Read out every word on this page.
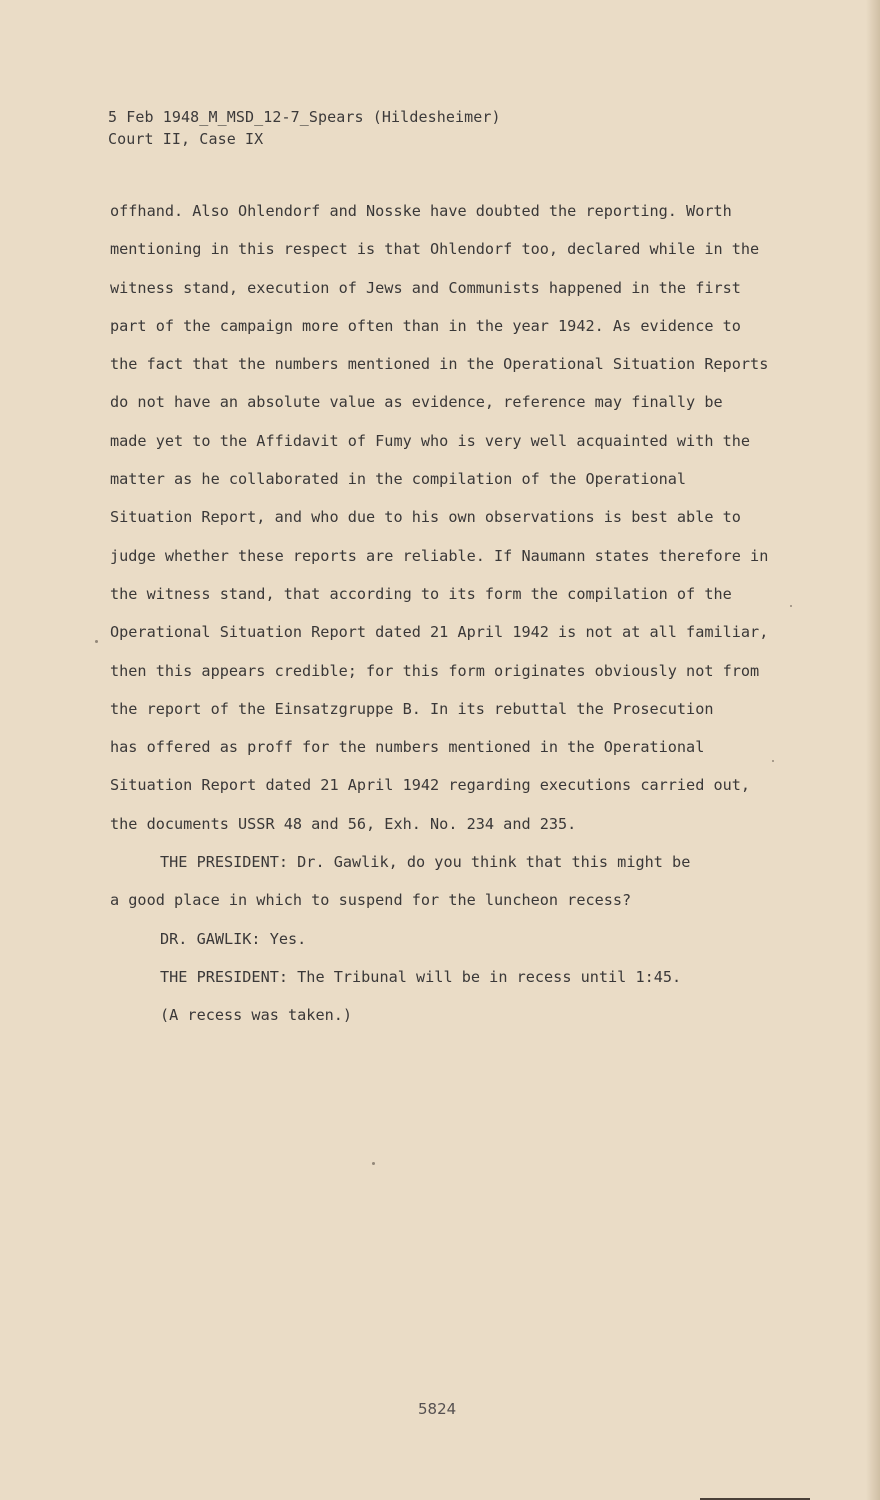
5 Feb 1948_M_MSD_12-7_Spears (Hildesheimer)
Court II, Case IX
offhand. Also Ohlendorf and Nosske have doubted the reporting. Worth
mentioning in this respect is that Ohlendorf too, declared while in the
witness stand, execution of Jews and Communists happened in the first
part of the campaign more often than in the year 1942. As evidence to
the fact that the numbers mentioned in the Operational Situation Reports
do not have an absolute value as evidence, reference may finally be
made yet to the Affidavit of Fumy who is very well acquainted with the
matter as he collaborated in the compilation of the Operational
Situation Report, and who due to his own observations is best able to
judge whether these reports are reliable. If Naumann states therefore in
the witness stand, that according to its form the compilation of the
Operational Situation Report dated 21 April 1942 is not at all familiar,
then this appears credible; for this form originates obviously not from
the report of the Einsatzgruppe B. In its rebuttal the Prosecution
has offered as proff for the numbers mentioned in the Operational
Situation Report dated 21 April 1942 regarding executions carried out,
the documents USSR 48 and 56, Exh. No. 234 and 235.
THE PRESIDENT: Dr. Gawlik, do you think that this might be
a good place in which to suspend for the luncheon recess?
DR. GAWLIK: Yes.
THE PRESIDENT: The Tribunal will be in recess until 1:45.
(A recess was taken.)
5824
